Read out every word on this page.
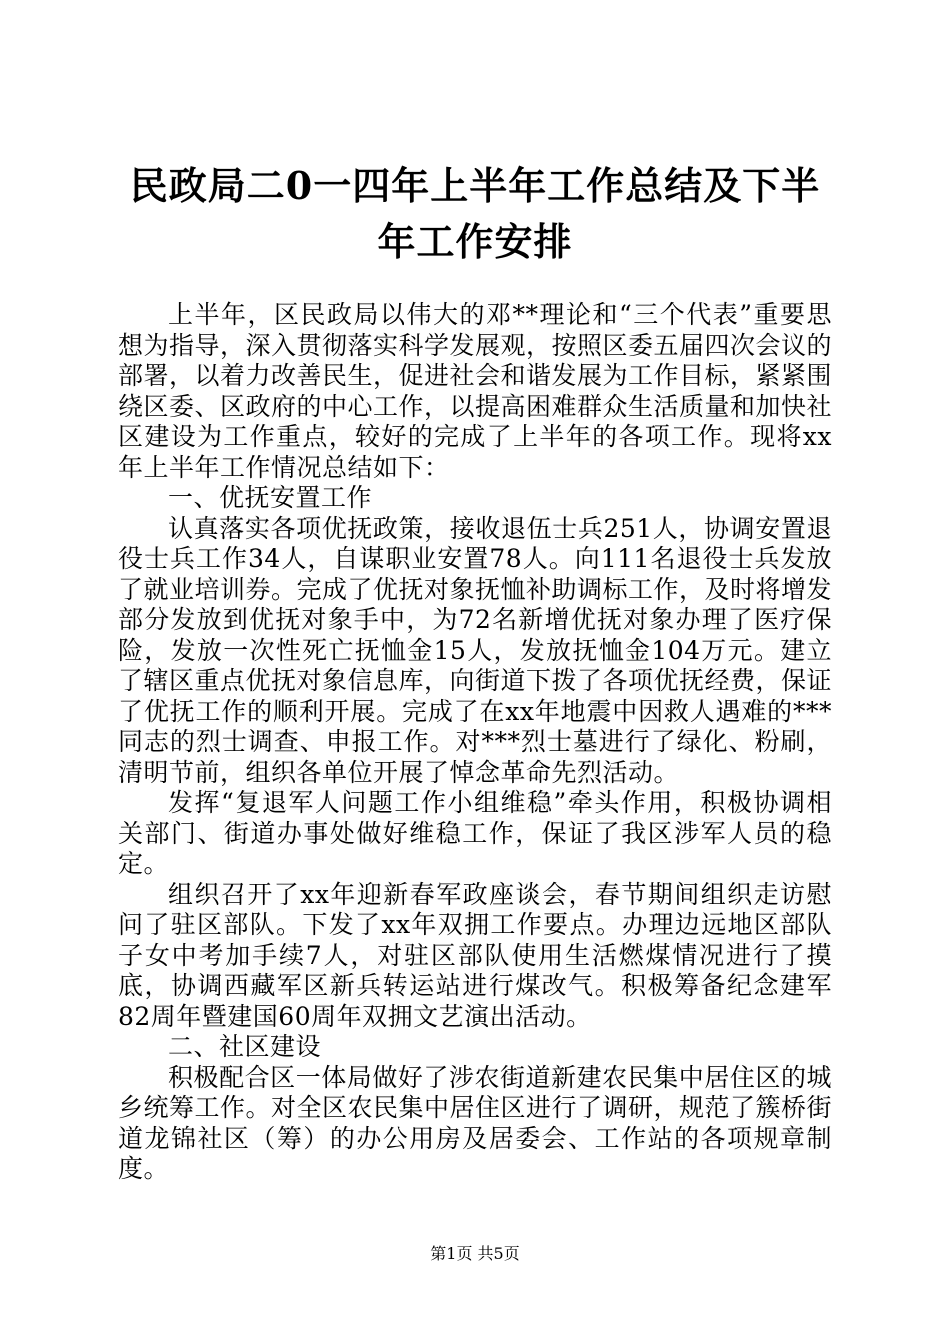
民政局二0一四年上半年工作总结及下半年工作安排

上半年，区民政局以伟大的邓**理论和“三个代表”重要思想为指导，深入贯彻落实科学发展观，按照区委五届四次会议的部署，以着力改善民生，促进社会和谐发展为工作目标，紧紧围绕区委、区政府的中心工作，以提高困难群众生活质量和加快社区建设为工作重点，较好的完成了上半年的各项工作。现将xx年上半年工作情况总结如下：

一、优抚安置工作

认真落实各项优抚政策，接收退伍士兵251人，协调安置退役士兵工作34人，自谋职业安置78人。向111名退役士兵发放了就业培训券。完成了优抚对象抚恤补助调标工作，及时将增发部分发放到优抚对象手中，为72名新增优抚对象办理了医疗保险，发放一次性死亡抚恤金15人，发放抚恤金104万元。建立了辖区重点优抚对象信息库，向街道下拨了各项优抚经费，保证了优抚工作的顺利开展。完成了在xx年地震中因救人遇难的***同志的烈士调查、申报工作。对***烈士墓进行了绿化、粉刷，清明节前，组织各单位开展了悼念革命先烈活动。

发挥“复退军人问题工作小组维稳”牵头作用，积极协调相关部门、街道办事处做好维稳工作，保证了我区涉军人员的稳定。

组织召开了xx年迎新春军政座谈会，春节期间组织走访慰问了驻区部队。下发了xx年双拥工作要点。办理边远地区部队子女中考加手续7人，对驻区部队使用生活燃煤情况进行了摸底，协调西藏军区新兵转运站进行煤改气。积极筹备纪念建军82周年暨建国60周年双拥文艺演出活动。

二、社区建设

积极配合区一体局做好了涉农街道新建农民集中居住区的城乡统筹工作。对全区农民集中居住区进行了调研，规范了簇桥街道龙锦社区（筹）的办公用房及居委会、工作站的各项规章制度。

第1页 共5页
